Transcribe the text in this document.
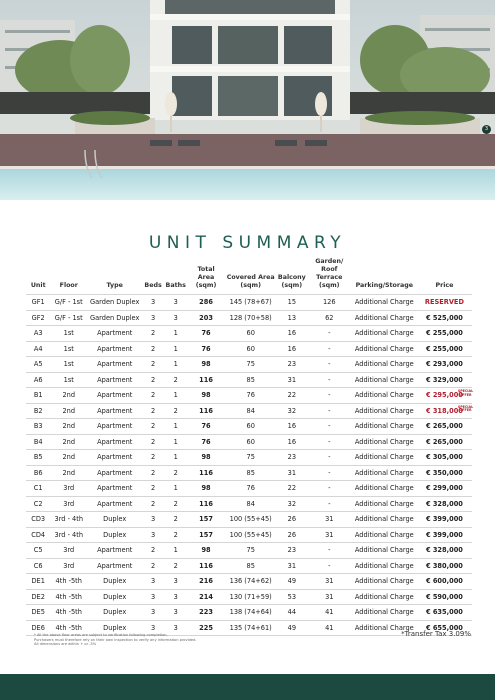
3
UNIT SUMMARY
Unit	Floor	Type	Beds	Baths	Total Area (sqm)	Covered Area (sqm)	Balcony (sqm)	Garden/ Roof Terrace (sqm)	Parking/Storage	Price
GF1	G/F - 1st	Garden Duplex	3	3	286	145 (78+67)	15	126	Additional Charge	RESERVED
GF2	G/F - 1st	Garden Duplex	3	3	203	128 (70+58)	13	62	Additional Charge	€ 525,000
A3	1st	Apartment	2	1	76	60	16	-	Additional Charge	€ 255,000
A4	1st	Apartment	2	1	76	60	16	-	Additional Charge	€ 255,000
A5	1st	Apartment	2	1	98	75	23	-	Additional Charge	€ 293,000
A6	1st	Apartment	2	2	116	85	31	-	Additional Charge	€ 329,000
B1	2nd	Apartment	2	1	98	76	22	-	Additional Charge	€ 295,000
SPECIAL
OFFER

B2	2nd	Apartment	2	2	116	84	32	-	Additional Charge	€ 318,000
SPECIAL
OFFER

B3	2nd	Apartment	2	1	76	60	16	-	Additional Charge	€ 265,000
B4	2nd	Apartment	2	1	76	60	16	-	Additional Charge	€ 265,000
B5	2nd	Apartment	2	1	98	75	23	-	Additional Charge	€ 305,000
B6	2nd	Apartment	2	2	116	85	31	-	Additional Charge	€ 350,000
C1	3rd	Apartment	2	1	98	76	22	-	Additional Charge	€ 299,000
C2	3rd	Apartment	2	2	116	84	32	-	Additional Charge	€ 328,000
CD3	3rd - 4th	Duplex	3	2	157	100 (55+45)	26	31	Additional Charge	€ 399,000
CD4	3rd - 4th	Duplex	3	2	157	100 (55+45)	26	31	Additional Charge	€ 399,000
C5	3rd	Apartment	2	1	98	75	23	-	Additional Charge	€ 328,000
C6	3rd	Apartment	2	2	116	85	31	-	Additional Charge	€ 380,000
DE1	4th -5th	Duplex	3	3	216	136 (74+62)	49	31	Additional Charge	€ 600,000
DE2	4th -5th	Duplex	3	3	214	130 (71+59)	53	31	Additional Charge	€ 590,000
DE5	4th -5th	Duplex	3	3	223	138 (74+64)	44	41	Additional Charge	€ 635,000
DE6	4th -5th	Duplex	3	3	225	135 (74+61)	49	41	Additional Charge	€ 655,000
* All the above floor areas are subject to verification following completion.
Purchasers must therefore rely on their own inspection to verify any information provided.
All dimensions are within + or -5%
*Transfer Tax 3.09%
